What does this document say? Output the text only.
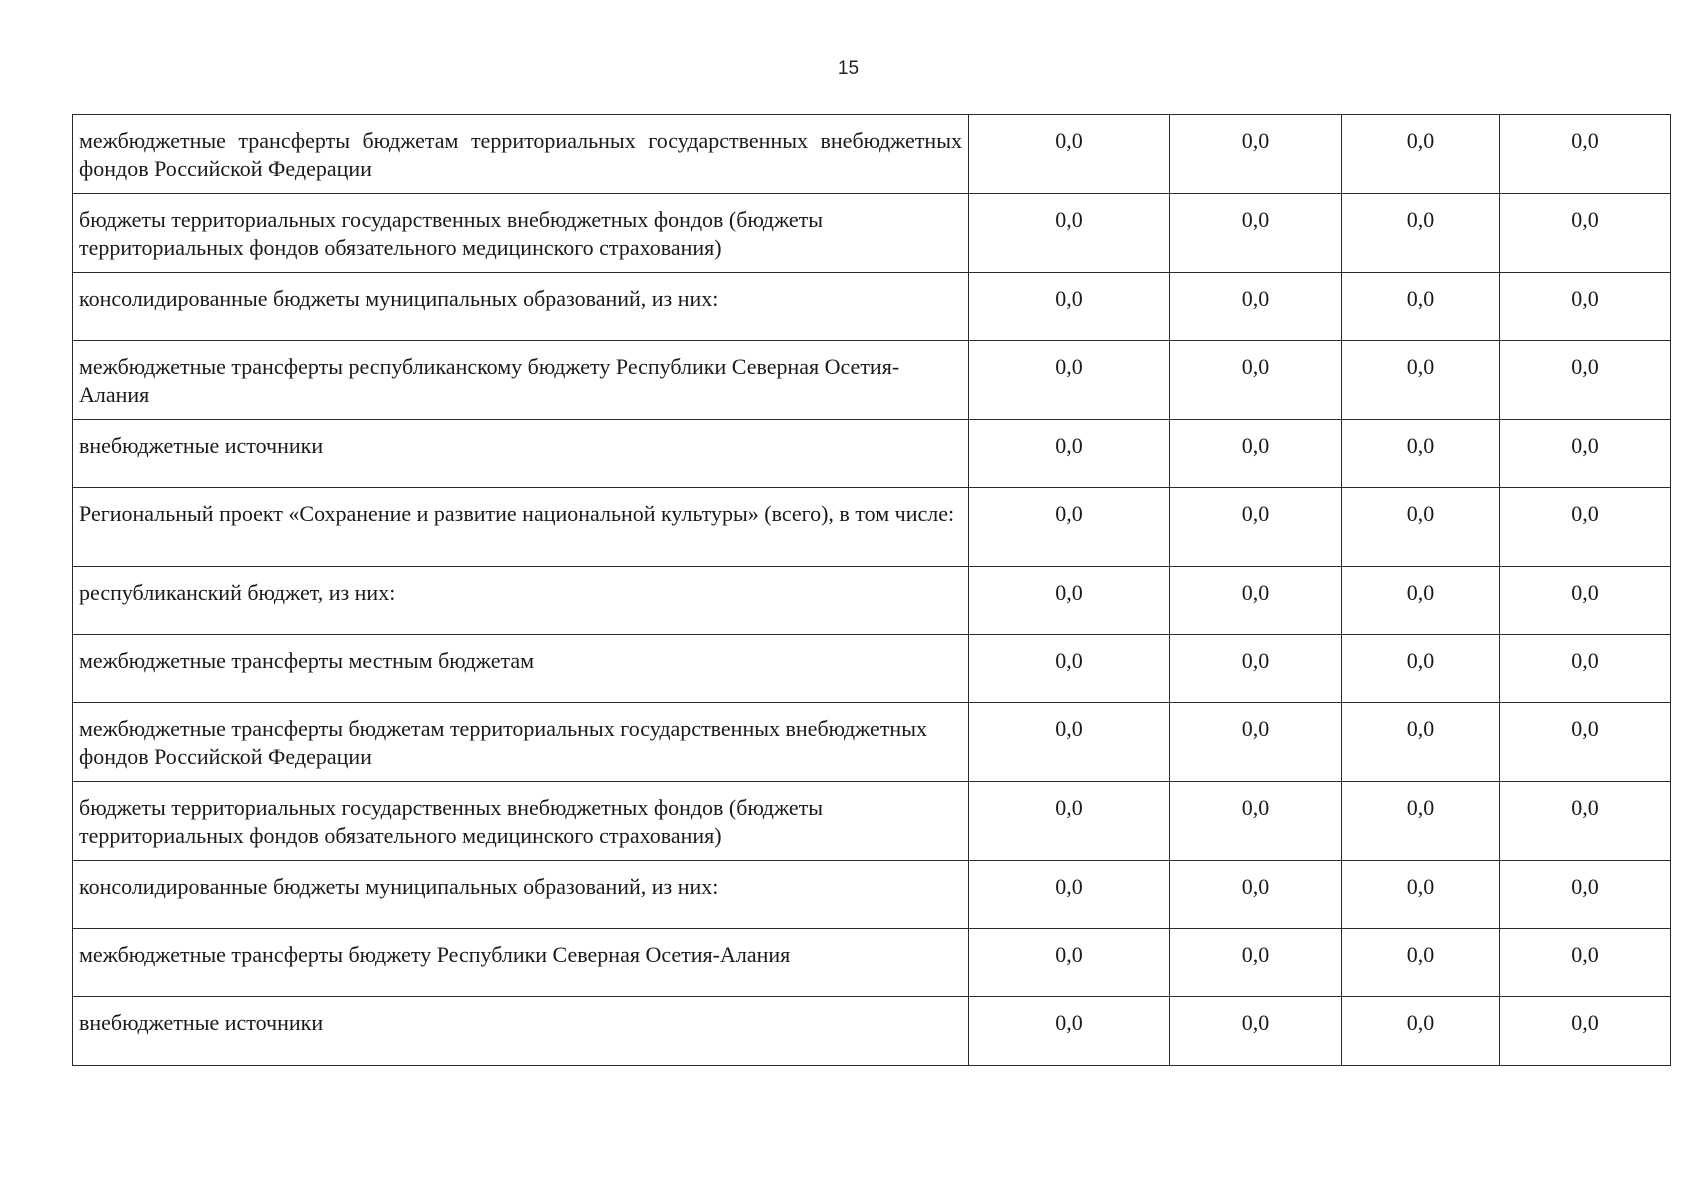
15
межбюджетные трансферты бюджетам территориальных государственных внебюджетных фондов Российской Федерации	0,0	0,0	0,0	0,0
бюджеты территориальных государственных внебюджетных фондов (бюджеты территориальных фондов обязательного медицинского страхования)	0,0	0,0	0,0	0,0
консолидированные бюджеты муниципальных образований, из них:	0,0	0,0	0,0	0,0
межбюджетные трансферты республиканскому бюджету Республики Северная Осетия-Алания	0,0	0,0	0,0	0,0
внебюджетные источники	0,0	0,0	0,0	0,0
Региональный проект «Сохранение и развитие национальной культуры» (всего), в том числе:	0,0	0,0	0,0	0,0
республиканский бюджет, из них:	0,0	0,0	0,0	0,0
межбюджетные трансферты местным бюджетам	0,0	0,0	0,0	0,0
межбюджетные трансферты бюджетам территориальных государственных внебюджетных фондов Российской Федерации	0,0	0,0	0,0	0,0
бюджеты территориальных государственных внебюджетных фондов (бюджеты территориальных фондов обязательного медицинского страхования)	0,0	0,0	0,0	0,0
консолидированные бюджеты муниципальных образований, из них:	0,0	0,0	0,0	0,0
межбюджетные трансферты бюджету Республики Северная Осетия-Алания	0,0	0,0	0,0	0,0
внебюджетные источники	0,0	0,0	0,0	0,0
